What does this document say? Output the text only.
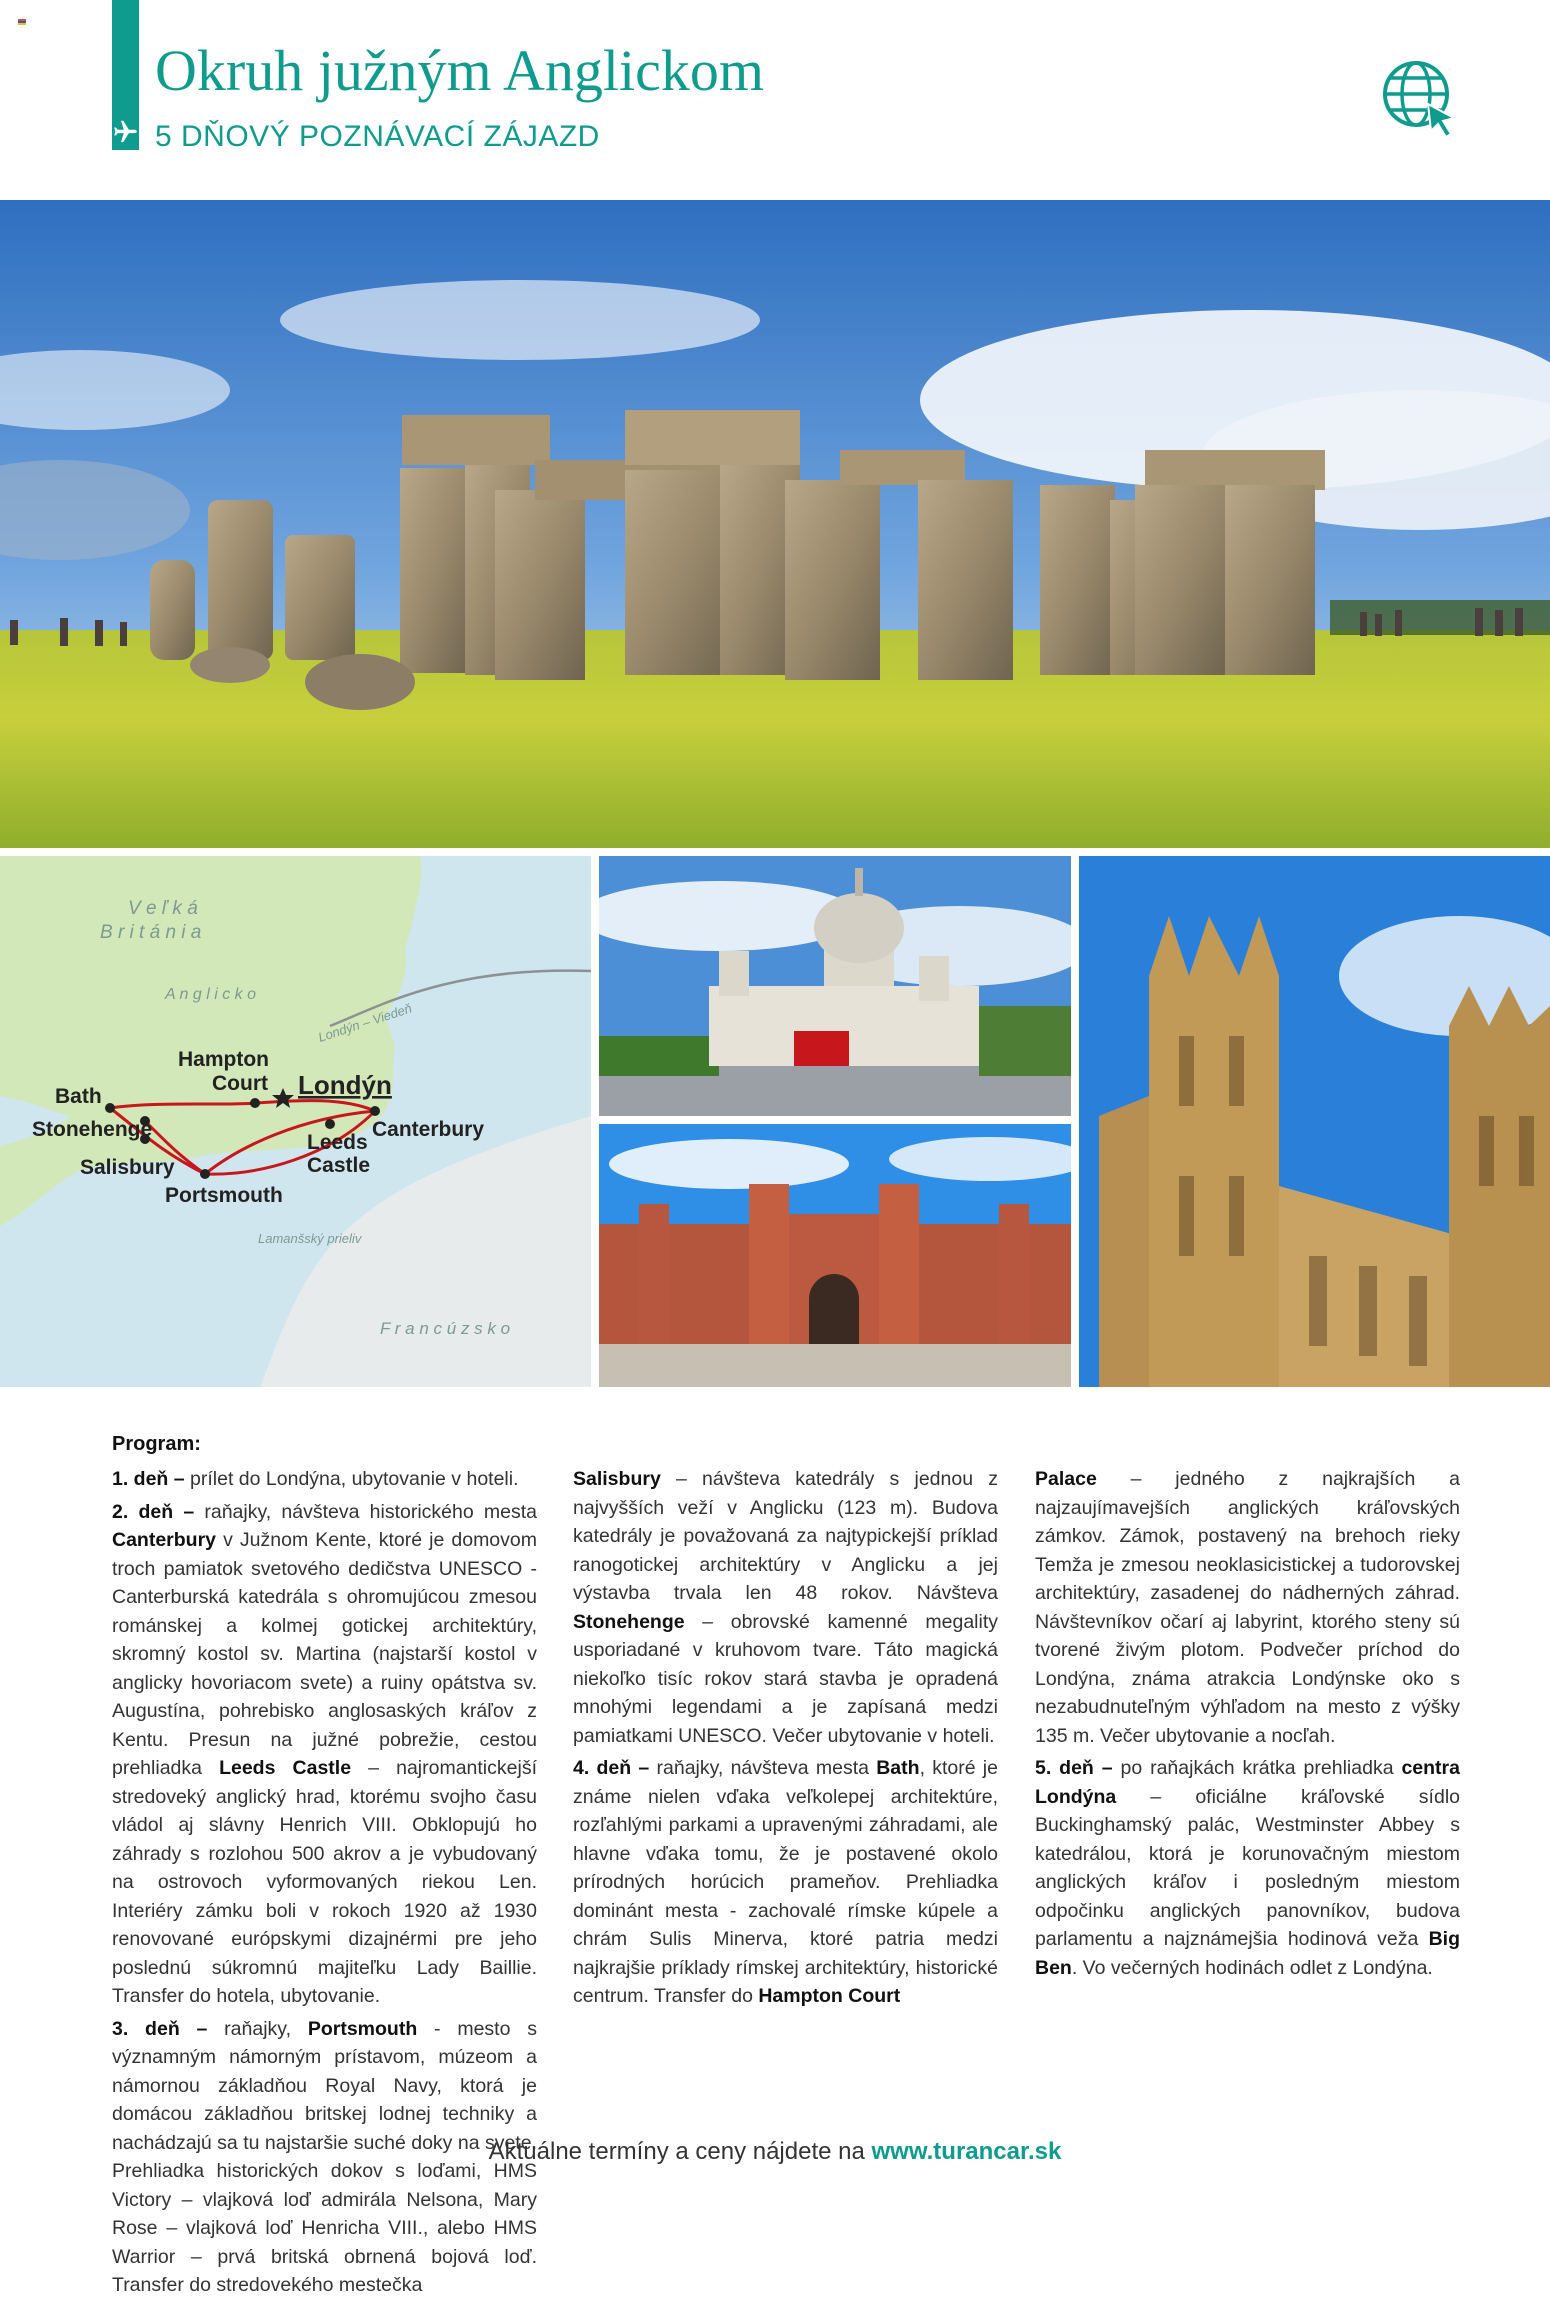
Okruh južným Anglickom
5 DŇOVÝ POZNÁVACÍ ZÁJAZD
V e ľ k á
B r i t á n i a
A n g l i c k o
Londýn – Viedeň
Lamanšský prieliv
F r a n c ú z s k o
Bath
Stonehenge
Salisbury
Portsmouth
Hampton
Court Londýn
Leeds
Castle
Canterbury
Program:

1. deň – prílet do Londýna, ubytovanie v hoteli.

2. deň – raňajky, návšteva historického mesta Canterbury v Južnom Kente, ktoré je domovom troch pamiatok svetového dedičstva UNESCO - Canterburská katedrála s ohromujúcou zmesou románskej a kolmej gotickej architektúry, skromný kostol sv. Martina (najstarší kostol v anglicky hovoriacom svete) a ruiny opátstva sv. Augustína, pohrebisko anglosaských kráľov z Kentu. Presun na južné pobrežie, cestou prehliadka Leeds Castle – najromantickejší stredoveký anglický hrad, ktorému svojho času vládol aj slávny Henrich VIII. Obklopujú ho záhrady s rozlohou 500 akrov a je vybudovaný na ostrovoch vyformovaných riekou Len. Interiéry zámku boli v rokoch 1920 až 1930 renovované európskymi dizajnérmi pre jeho poslednú súkromnú majiteľku Lady Baillie. Transfer do hotela, ubytovanie.

3. deň – raňajky, Portsmouth - mesto s významným námorným prístavom, múzeom a námornou základňou Royal Navy, ktorá je domácou základňou britskej lodnej techniky a nachádzajú sa tu najstaršie suché doky na svete. Prehliadka historických dokov s loďami, HMS Victory – vlajková loď admirála Nelsona, Mary Rose – vlajková loď Henricha VIII., alebo HMS Warrior – prvá britská obrnená bojová loď. Transfer do stredovekého mestečka

Salisbury – návšteva katedrály s jednou z najvyšších veží v Anglicku (123 m). Budova katedrály je považovaná za najtypickejší príklad ranogotickej architektúry v Anglicku a jej výstavba trvala len 48 rokov. Návšteva Stonehenge – obrovské kamenné megality usporiadané v kruhovom tvare. Táto magická niekoľko tisíc rokov stará stavba je opradená mnohými legendami a je zapísaná medzi pamiatkami UNESCO. Večer ubytovanie v hoteli.

4. deň – raňajky, návšteva mesta Bath, ktoré je známe nielen vďaka veľkolepej architektúre, rozľahlými parkami a upravenými záhradami, ale hlavne vďaka tomu, že je postavené okolo prírodných horúcich prameňov. Prehliadka dominánt mesta - zachovalé rímske kúpele a chrám Sulis Minerva, ktoré patria medzi najkrajšie príklady rímskej architektúry, historické centrum. Transfer do Hampton Court

Palace – jedného z najkrajších a najzaujímavejších anglických kráľovských zámkov. Zámok, postavený na brehoch rieky Temža je zmesou neoklasicistickej a tudorovskej architektúry, zasadenej do nádherných záhrad. Návštevníkov očarí aj labyrint, ktorého steny sú tvorené živým plotom. Podvečer príchod do Londýna, známa atrakcia Londýnske oko s nezabudnuteľným výhľadom na mesto z výšky 135 m. Večer ubytovanie a nocľah.

5. deň – po raňajkách krátka prehliadka centra Londýna – oficiálne kráľovské sídlo Buckinghamský palác, Westminster Abbey s katedrálou, ktorá je korunovačným miestom anglických kráľov i posledným miestom odpočinku anglických panovníkov, budova parlamentu a najznámejšia hodinová veža Big Ben. Vo večerných hodinách odlet z Londýna.

Aktuálne termíny a ceny nájdete na www.turancar.sk
